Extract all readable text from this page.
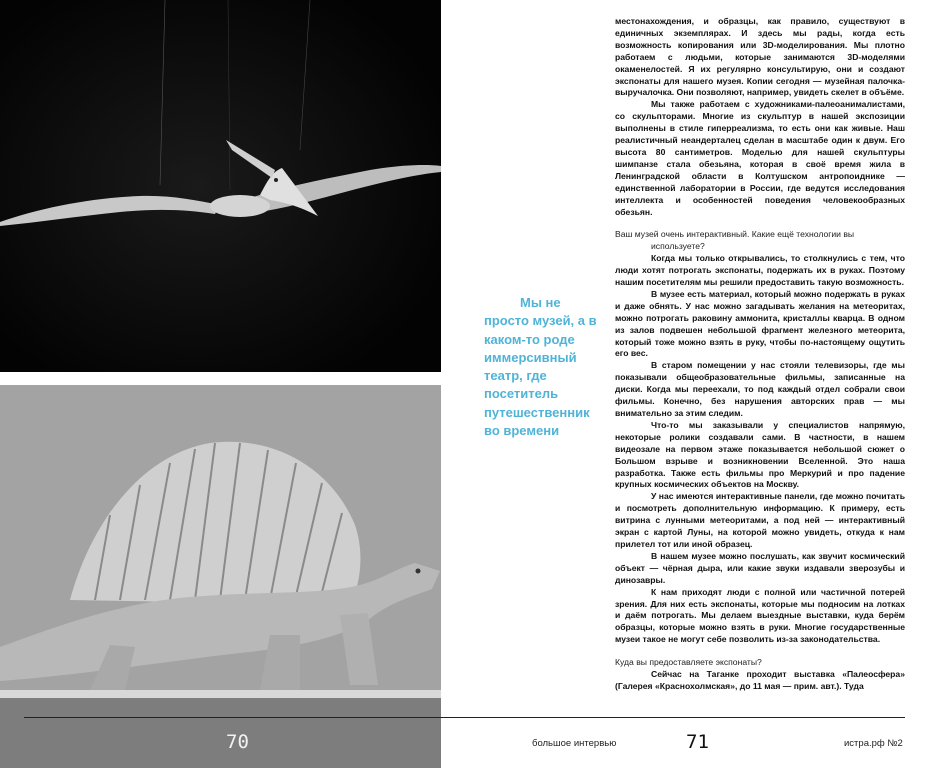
70

Мы не

просто музей, а в каком-то роде иммерсивный театр, где посетитель путешественник во времени

местонахождения, и образцы, как правило, существуют в единичных экземплярах. И здесь мы рады, когда есть возможность копирования или 3D-моделирования. Мы плотно работаем с людьми, которые занимаются 3D-моделями окаменелостей. Я их регулярно консультирую, они и создают экспонаты для нашего музея. Копии сегодня — музейная палочка-выручалочка. Они позволяют, например, увидеть скелет в объёме.

Мы также работаем с художниками-палеоанималистами, со скульпторами. Многие из скульптур в нашей экспозиции выполнены в стиле гиперреализма, то есть они как живые. Наш реалистичный неандерталец сделан в масштабе один к двум. Его высота 80 сантиметров. Моделью для нашей скульптуры шимпанзе стала обезьяна, которая в своё время жила в Ленинградской области в Колтушском антропоиднике — единственной лаборатории в России, где ведутся исследования интеллекта и особенностей поведения человекообразных обезьян.

Ваш музей очень интерактивный. Какие ещё технологии вы
используете?

Когда мы только открывались, то столкнулись с тем, что люди хотят потрогать экспонаты, подержать их в руках. Поэтому нашим посетителям мы решили предоставить такую возможность.

В музее есть материал, который можно подержать в руках и даже обнять. У нас можно загадывать желания на метеоритах, можно потрогать раковину аммонита, кристаллы кварца. В одном из залов подвешен небольшой фрагмент железного метеорита, который тоже можно взять в руку, чтобы по-настоящему ощутить его вес.

В старом помещении у нас стояли телевизоры, где мы показывали общеобразовательные фильмы, записанные на диски. Когда мы переехали, то под каждый отдел собрали свои фильмы. Конечно, без нарушения авторских прав — мы внимательно за этим следим.

Что-то мы заказывали у специалистов напрямую, некоторые ролики создавали сами. В частности, в нашем видеозале на первом этаже показывается небольшой сюжет о Большом взрыве и возникновении Вселенной. Это наша разработка. Также есть фильмы про Меркурий и про падение крупных космических объектов на Москву.

У нас имеются интерактивные панели, где можно почитать и посмотреть дополнительную информацию. К примеру, есть витрина с лунными метеоритами, а под ней — интерактивный экран с картой Луны, на которой можно увидеть, откуда к нам прилетел тот или иной образец.

В нашем музее можно послушать, как звучит космический объект — чёрная дыра, или какие звуки издавали зверозубы и динозавры.

К нам приходят люди с полной или частичной потерей зрения. Для них есть экспонаты, которые мы подносим на лотках и даём потрогать. Мы делаем выездные выставки, куда берём образцы, которые можно взять в руки. Многие государственные музеи такое не могут себе позволить из-за законодательства.

Куда вы предоставляете экспонаты?

Сейчас на Таганке проходит выставка «Палеосфера» (Галерея «Краснохолмская», до 11 мая — прим. авт.). Туда

большое интервью	71	истра.рф №2
